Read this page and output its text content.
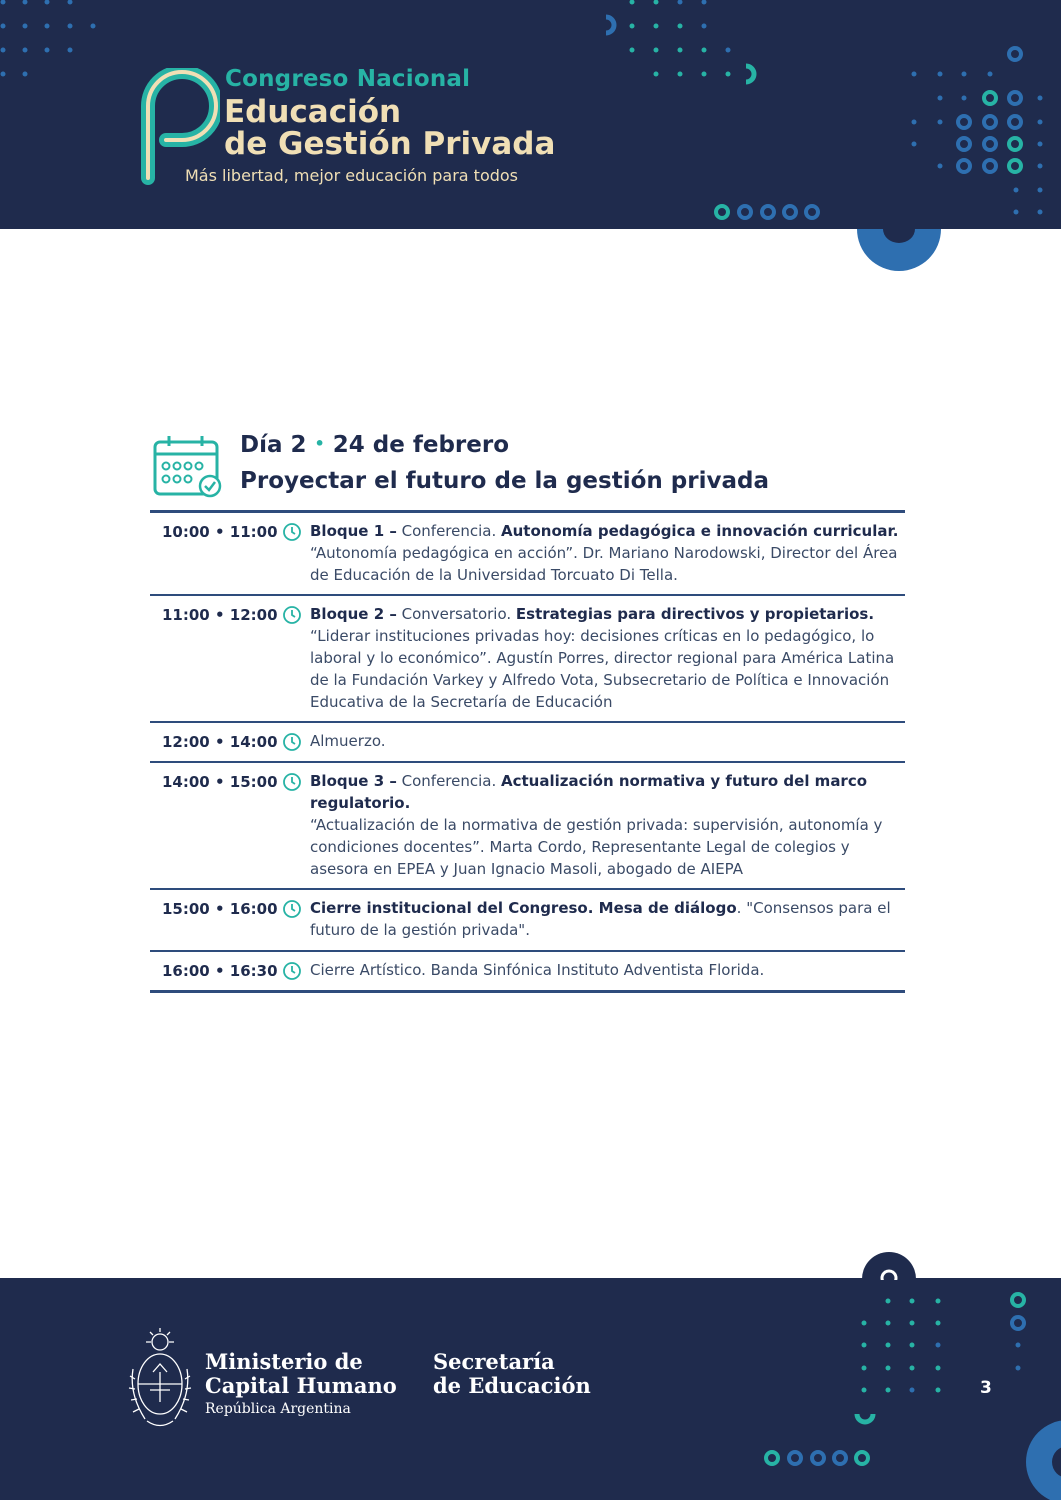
Congreso Nacional
Educación
de Gestión Privada
Más libertad, mejor educación para todos
Día 2 • 24 de febrero
Proyectar el futuro de la gestión privada
10:00 • 11:00 Bloque 1 – Conferencia. Autonomía pedagógica e innovación curricular.
“Autonomía pedagógica en acción”. Dr. Mariano Narodowski, Director del Área de Educación de la Universidad Torcuato Di Tella.
11:00 • 12:00 Bloque 2 – Conversatorio. Estrategias para directivos y propietarios.
“Liderar instituciones privadas hoy: decisiones críticas en lo pedagógico, lo laboral y lo económico”. Agustín Porres, director regional para América Latina de la Fundación Varkey y Alfredo Vota, Subsecretario de Política e Innovación Educativa de la Secretaría de Educación
12:00 • 14:00 Almuerzo.
14:00 • 15:00 Bloque 3 – Conferencia. Actualización normativa y futuro del marco regulatorio.
“Actualización de la normativa de gestión privada: supervisión, autonomía y condiciones docentes”. Marta Cordo, Representante Legal de colegios y asesora en EPEA y Juan Ignacio Masoli, abogado de AIEPA
15:00 • 16:00 Cierre institucional del Congreso. Mesa de diálogo. "Consensos para el futuro de la gestión privada".
16:00 • 16:30 Cierre Artístico. Banda Sinfónica Instituto Adventista Florida.
Ministerio de
Capital Humano
República Argentina
Secretaría
de Educación	3
